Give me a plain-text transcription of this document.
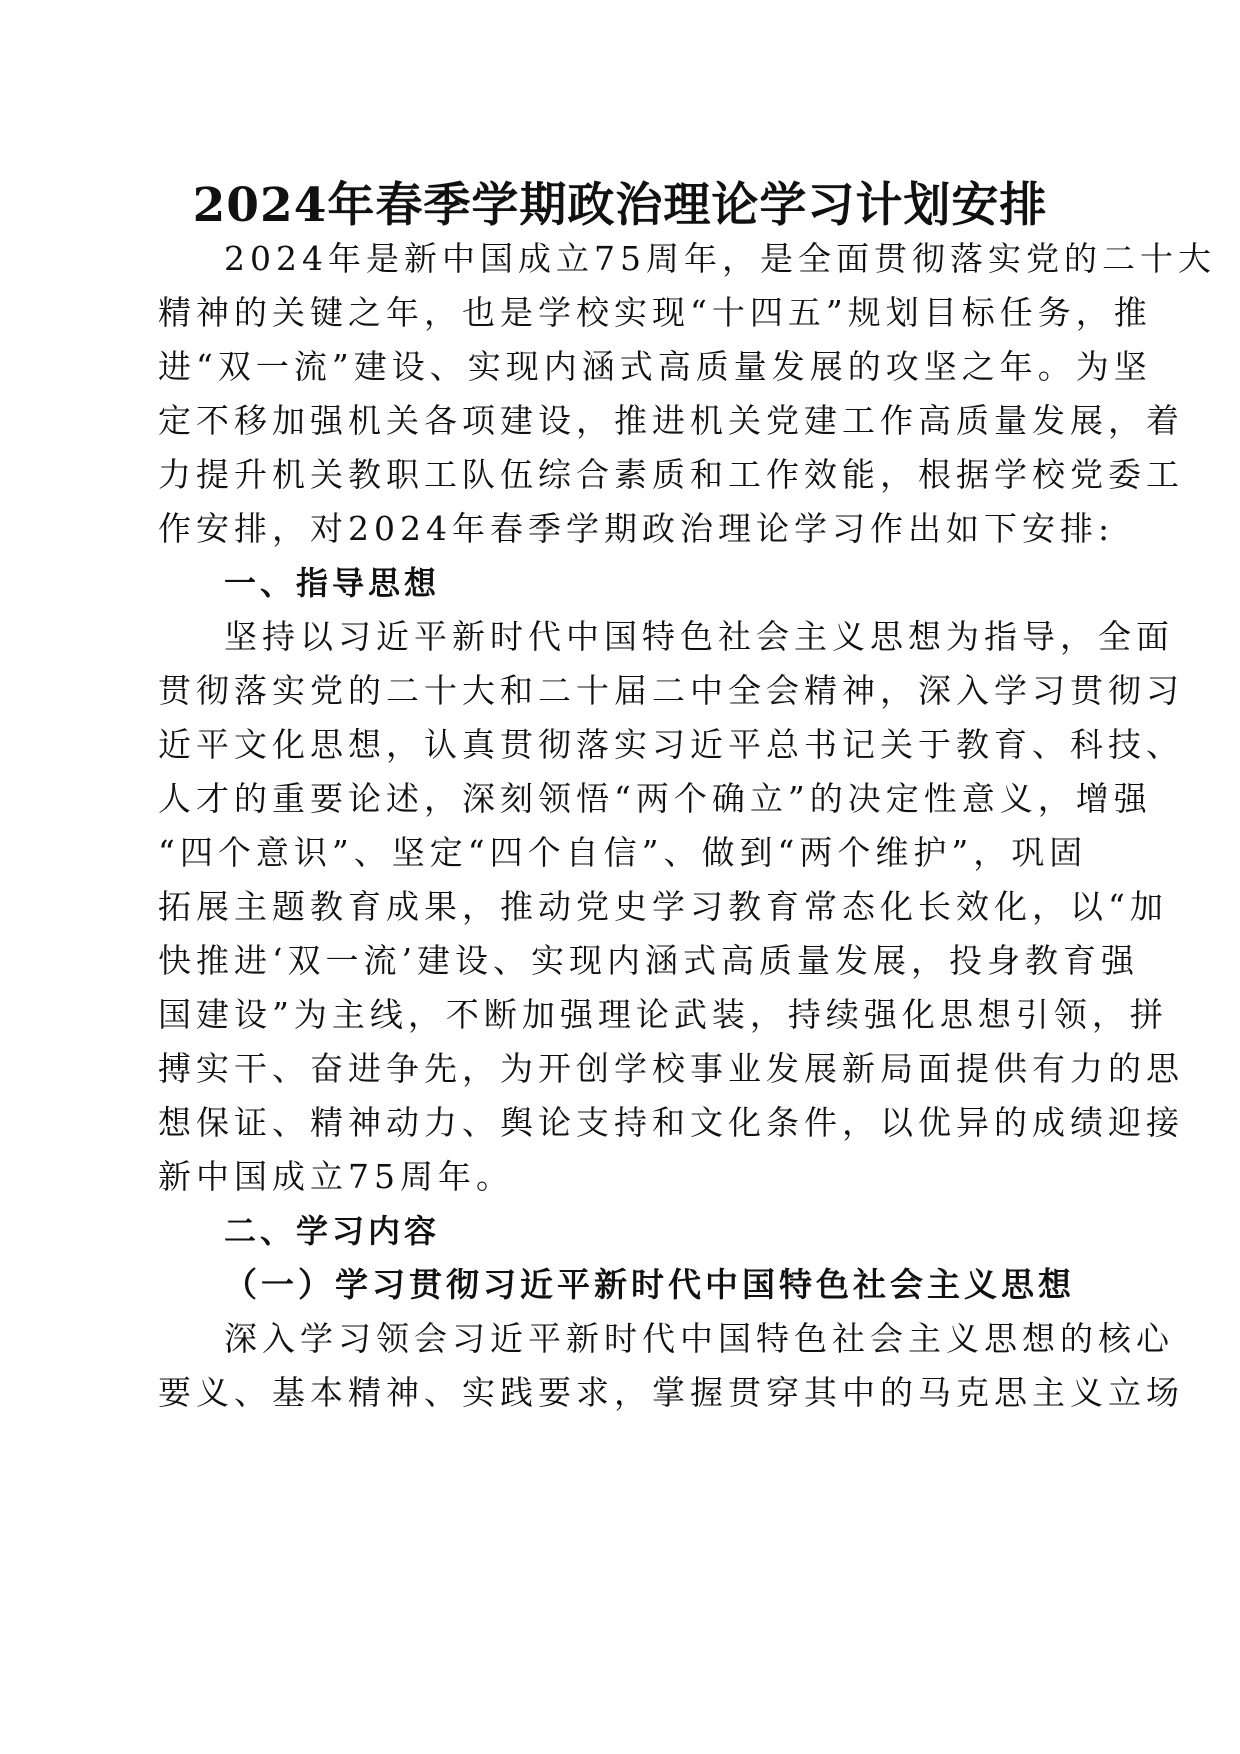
2024年春季学期政治理论学习计划安排

2024年是新中国成立75周年，是全面贯彻落实党的二十大

精神的关键之年，也是学校实现“十四五”规划目标任务，推

进“双一流”建设、实现内涵式高质量发展的攻坚之年。为坚

定不移加强机关各项建设，推进机关党建工作高质量发展，着

力提升机关教职工队伍综合素质和工作效能，根据学校党委工

作安排，对2024年春季学期政治理论学习作出如下安排:

一、指导思想

坚持以习近平新时代中国特色社会主义思想为指导，全面

贯彻落实党的二十大和二十届二中全会精神，深入学习贯彻习

近平文化思想，认真贯彻落实习近平总书记关于教育、科技、

人才的重要论述，深刻领悟“两个确立”的决定性意义，增强

“四个意识”、坚定“四个自信”、做到“两个维护”，巩固

拓展主题教育成果，推动党史学习教育常态化长效化，以“加

快推进‘双一流’建设、实现内涵式高质量发展，投身教育强

国建设”为主线，不断加强理论武装，持续强化思想引领，拼

搏实干、奋进争先，为开创学校事业发展新局面提供有力的思

想保证、精神动力、舆论支持和文化条件，以优异的成绩迎接

新中国成立75周年。

二、学习内容
（一）学习贯彻习近平新时代中国特色社会主义思想

深入学习领会习近平新时代中国特色社会主义思想的核心

要义、基本精神、实践要求，掌握贯穿其中的马克思主义立场
